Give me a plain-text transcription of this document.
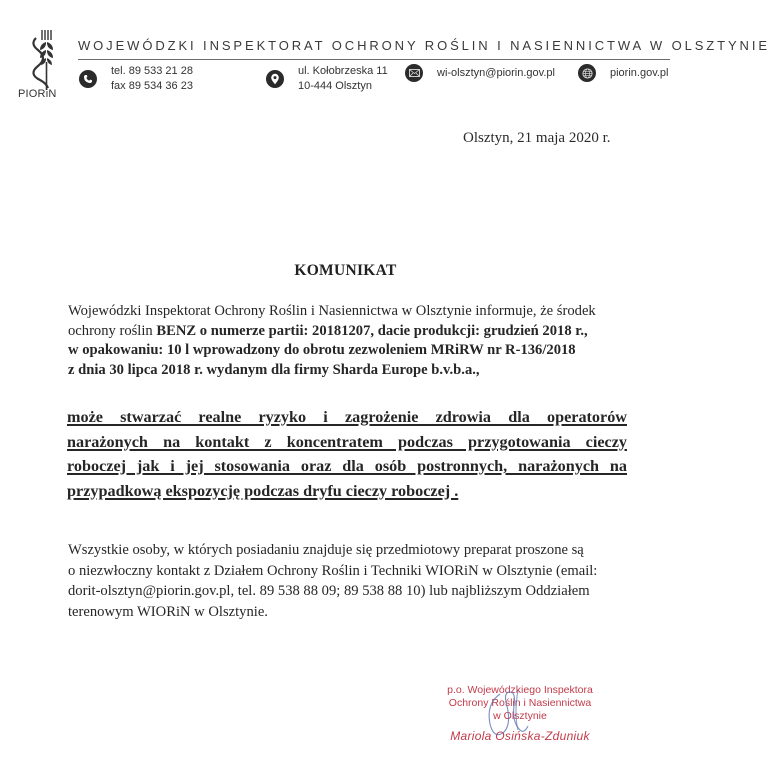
PIORiN
WOJEWÓDZKI INSPEKTORAT OCHRONY ROŚLIN I NASIENNICTWA W OLSZTYNIE
tel. 89 533 21 28
fax 89 534 36 23
ul. Kołobrzeska 11
10-444 Olsztyn
wi-olsztyn@piorin.gov.pl	piorin.gov.pl
Olsztyn, 21 maja 2020 r.
KOMUNIKAT
Wojewódzki Inspektorat Ochrony Roślin i Nasiennictwa w Olsztynie informuje, że środek
ochrony roślin BENZ o numerze partii: 20181207, dacie produkcji: grudzień 2018 r.,
w opakowaniu: 10 l wprowadzony do obrotu zezwoleniem MRiRW nr R-136/2018
z dnia 30 lipca 2018 r. wydanym dla firmy Sharda Europe b.v.b.a.,
może stwarzać realne ryzyko i zagrożenie zdrowia dla operatorów
narażonych na kontakt z koncentratem podczas przygotowania cieczy
roboczej jak i jej stosowania oraz dla osób postronnych, narażonych na
przypadkową ekspozycję podczas dryfu cieczy roboczej .
Wszystkie osoby, w których posiadaniu znajduje się przedmiotowy preparat proszone są
o niezwłoczny kontakt z Działem Ochrony Roślin i Techniki WIORiN w Olsztynie (email:
dorit-olsztyn@piorin.gov.pl, tel. 89 538 88 09; 89 538 88 10) lub najbliższym Oddziałem
terenowym WIORiN w Olsztynie.
p.o. Wojewódzkiego Inspektora
Ochrony Roślin i Nasiennictwa
w Olsztynie
Mariola Osińska-Zduniuk
